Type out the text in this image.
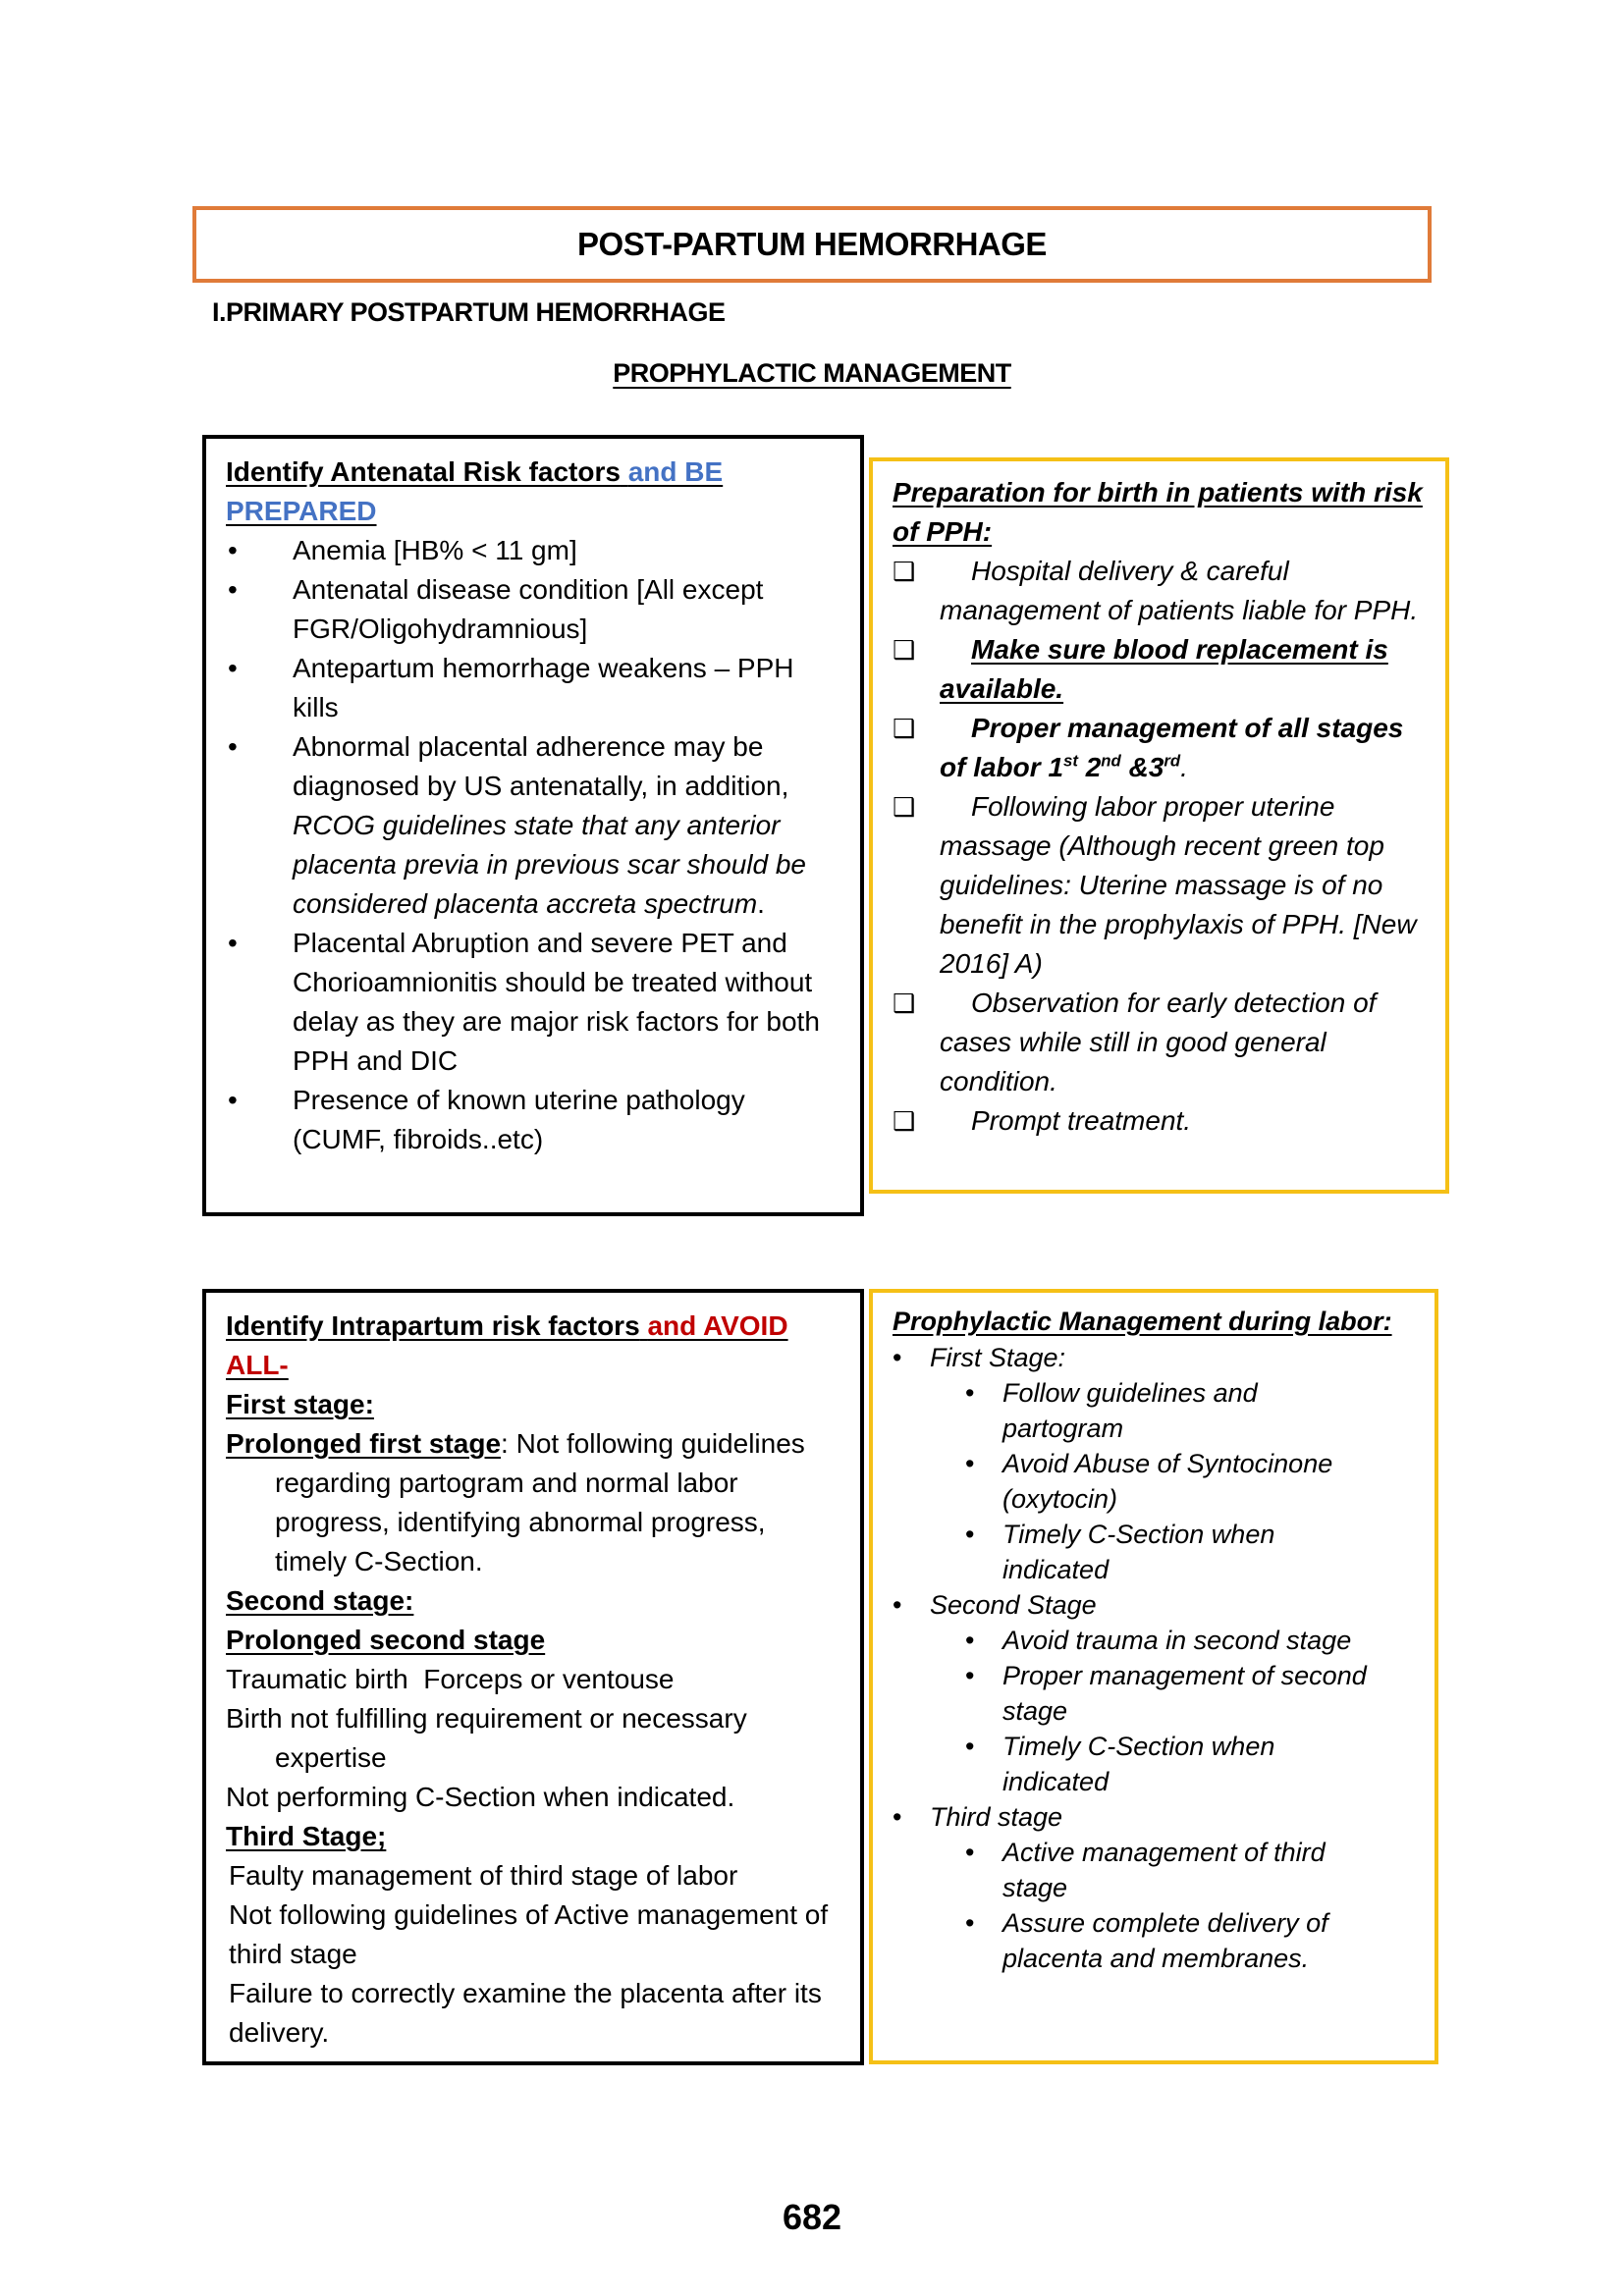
POST-PARTUM HEMORRHAGE
I.PRIMARY POSTPARTUM HEMORRHAGE
PROPHYLACTIC MANAGEMENT

Identify Antenatal Risk factors and BE PREPARED

•	Anemia [HB% < 11 gm]
•	Antenatal disease condition [All except FGR/Oligohydramnious]
•	Antepartum hemorrhage weakens – PPH kills
•	Abnormal placental adherence may be diagnosed by US antenatally, in addition, RCOG guidelines state that any anterior placenta previa in previous scar should be considered placenta accreta spectrum.
•	Placental Abruption and severe PET and Chorioamnionitis should be treated without delay as they are major risk factors for both PPH and DIC
•	Presence of known uterine pathology (CUMF, fibroids..etc)

Preparation for birth in patients with risk of PPH:

❑	Hospital delivery & careful management of patients liable for PPH.
❑	Make sure blood replacement is available.
❑	Proper management of all stages of labor 1st 2nd &3rd.
❑	Following labor proper uterine massage (Although recent green top guidelines: Uterine massage is of no benefit in the prophylaxis of PPH. [New 2016] A)
❑	Observation for early detection of cases while still in good general condition.
❑	Prompt treatment.

Identify Intrapartum risk factors and AVOID ALL-

First stage:

Prolonged first stage: Not following guidelines regarding partogram and normal labor progress, identifying abnormal progress, timely C-Section.

Second stage:

Prolonged second stage

Traumatic birth  Forceps or ventouse

Birth not fulfilling requirement or necessary expertise

Not performing C-Section when indicated.

Third Stage;

Faulty management of third stage of labor

Not following guidelines of Active management of third stage

Failure to correctly examine the placenta after its delivery.

Prophylactic Management during labor:

•	First Stage:
•	Follow guidelines and partogram
•	Avoid Abuse of Syntocinone (oxytocin)
•	Timely C-Section when indicated
•	Second Stage
•	Avoid trauma in second stage
•	Proper management of second stage
•	Timely C-Section when indicated
•	Third stage
•	Active management of third stage
•	Assure complete delivery of placenta and membranes.
682
